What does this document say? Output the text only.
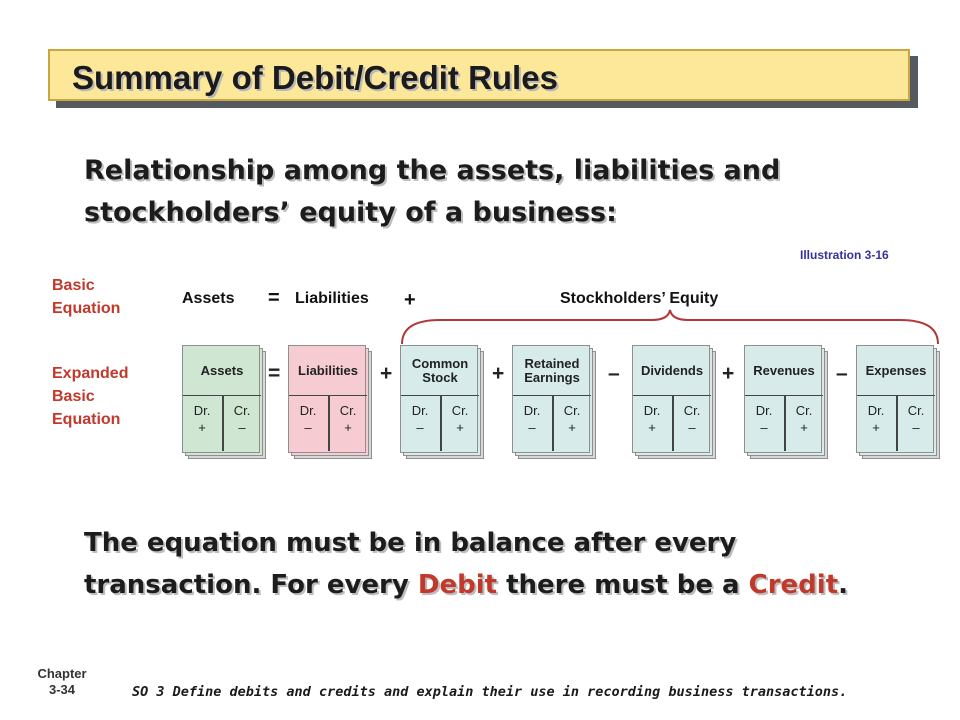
Summary of Debit/Credit Rules
Relationship among the assets, liabilities and
stockholders’ equity of a business:
Illustration 3-16
Basic
Equation
Expanded
Basic
Equation
Assets = Liabilities +	Stockholders’ Equity
Assets
Dr.
+
Cr.
–
Liabilities
Dr.
–
Cr.
+
Common Stock
Dr.
–
Cr.
+
Retained Earnings
Dr.
–
Cr.
+
Dividends
Dr.
+
Cr.
–
Revenues
Dr.
–
Cr.
+
Expenses
Dr.
+
Cr.
–
=	+	+	–	+	–
The equation must be in balance after every
transaction. For every Debit there must be a Credit.
Chapter
3-34	SO 3 Define debits and credits and explain their use in recording business transactions.
